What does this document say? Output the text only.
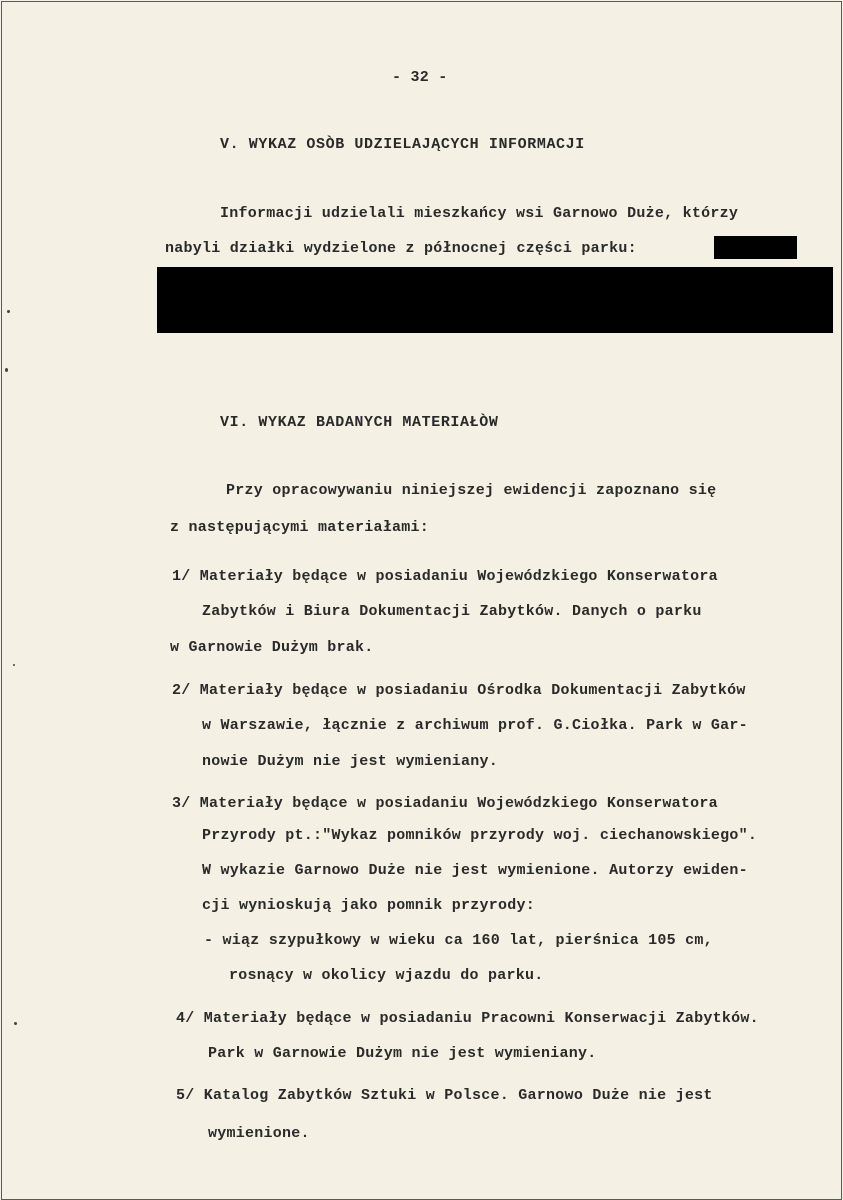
- 32 -
V. WYKAZ OSÒB UDZIELAJĄCYCH INFORMACJI
Informacji udzielali mieszkańcy wsi Garnowo Duże, którzy
nabyli działki wydzielone z północnej części parku:
VI. WYKAZ BADANYCH MATERIAŁÒW
Przy opracowywaniu niniejszej ewidencji zapoznano się
z następującymi materiałami:
1/ Materiały będące w posiadaniu Wojewódzkiego Konserwatora
Zabytków i Biura Dokumentacji Zabytków. Danych o parku
w Garnowie Dużym brak.
2/ Materiały będące w posiadaniu Ośrodka Dokumentacji Zabytków
w Warszawie, łącznie z archiwum prof. G.Ciołka. Park w Gar-
nowie Dużym nie jest wymieniany.
3/ Materiały będące w posiadaniu Wojewódzkiego Konserwatora
Przyrody pt.:"Wykaz pomników przyrody woj. ciechanowskiego".
W wykazie Garnowo Duże nie jest wymienione. Autorzy ewiden-
cji wynioskują jako pomnik przyrody:
- wiąz szypułkowy w wieku ca 160 lat, pierśnica 105 cm,
rosnący w okolicy wjazdu do parku.
4/ Materiały będące w posiadaniu Pracowni Konserwacji Zabytków.
Park w Garnowie Dużym nie jest wymieniany.
5/ Katalog Zabytków Sztuki w Polsce. Garnowo Duże nie jest
wymienione.
